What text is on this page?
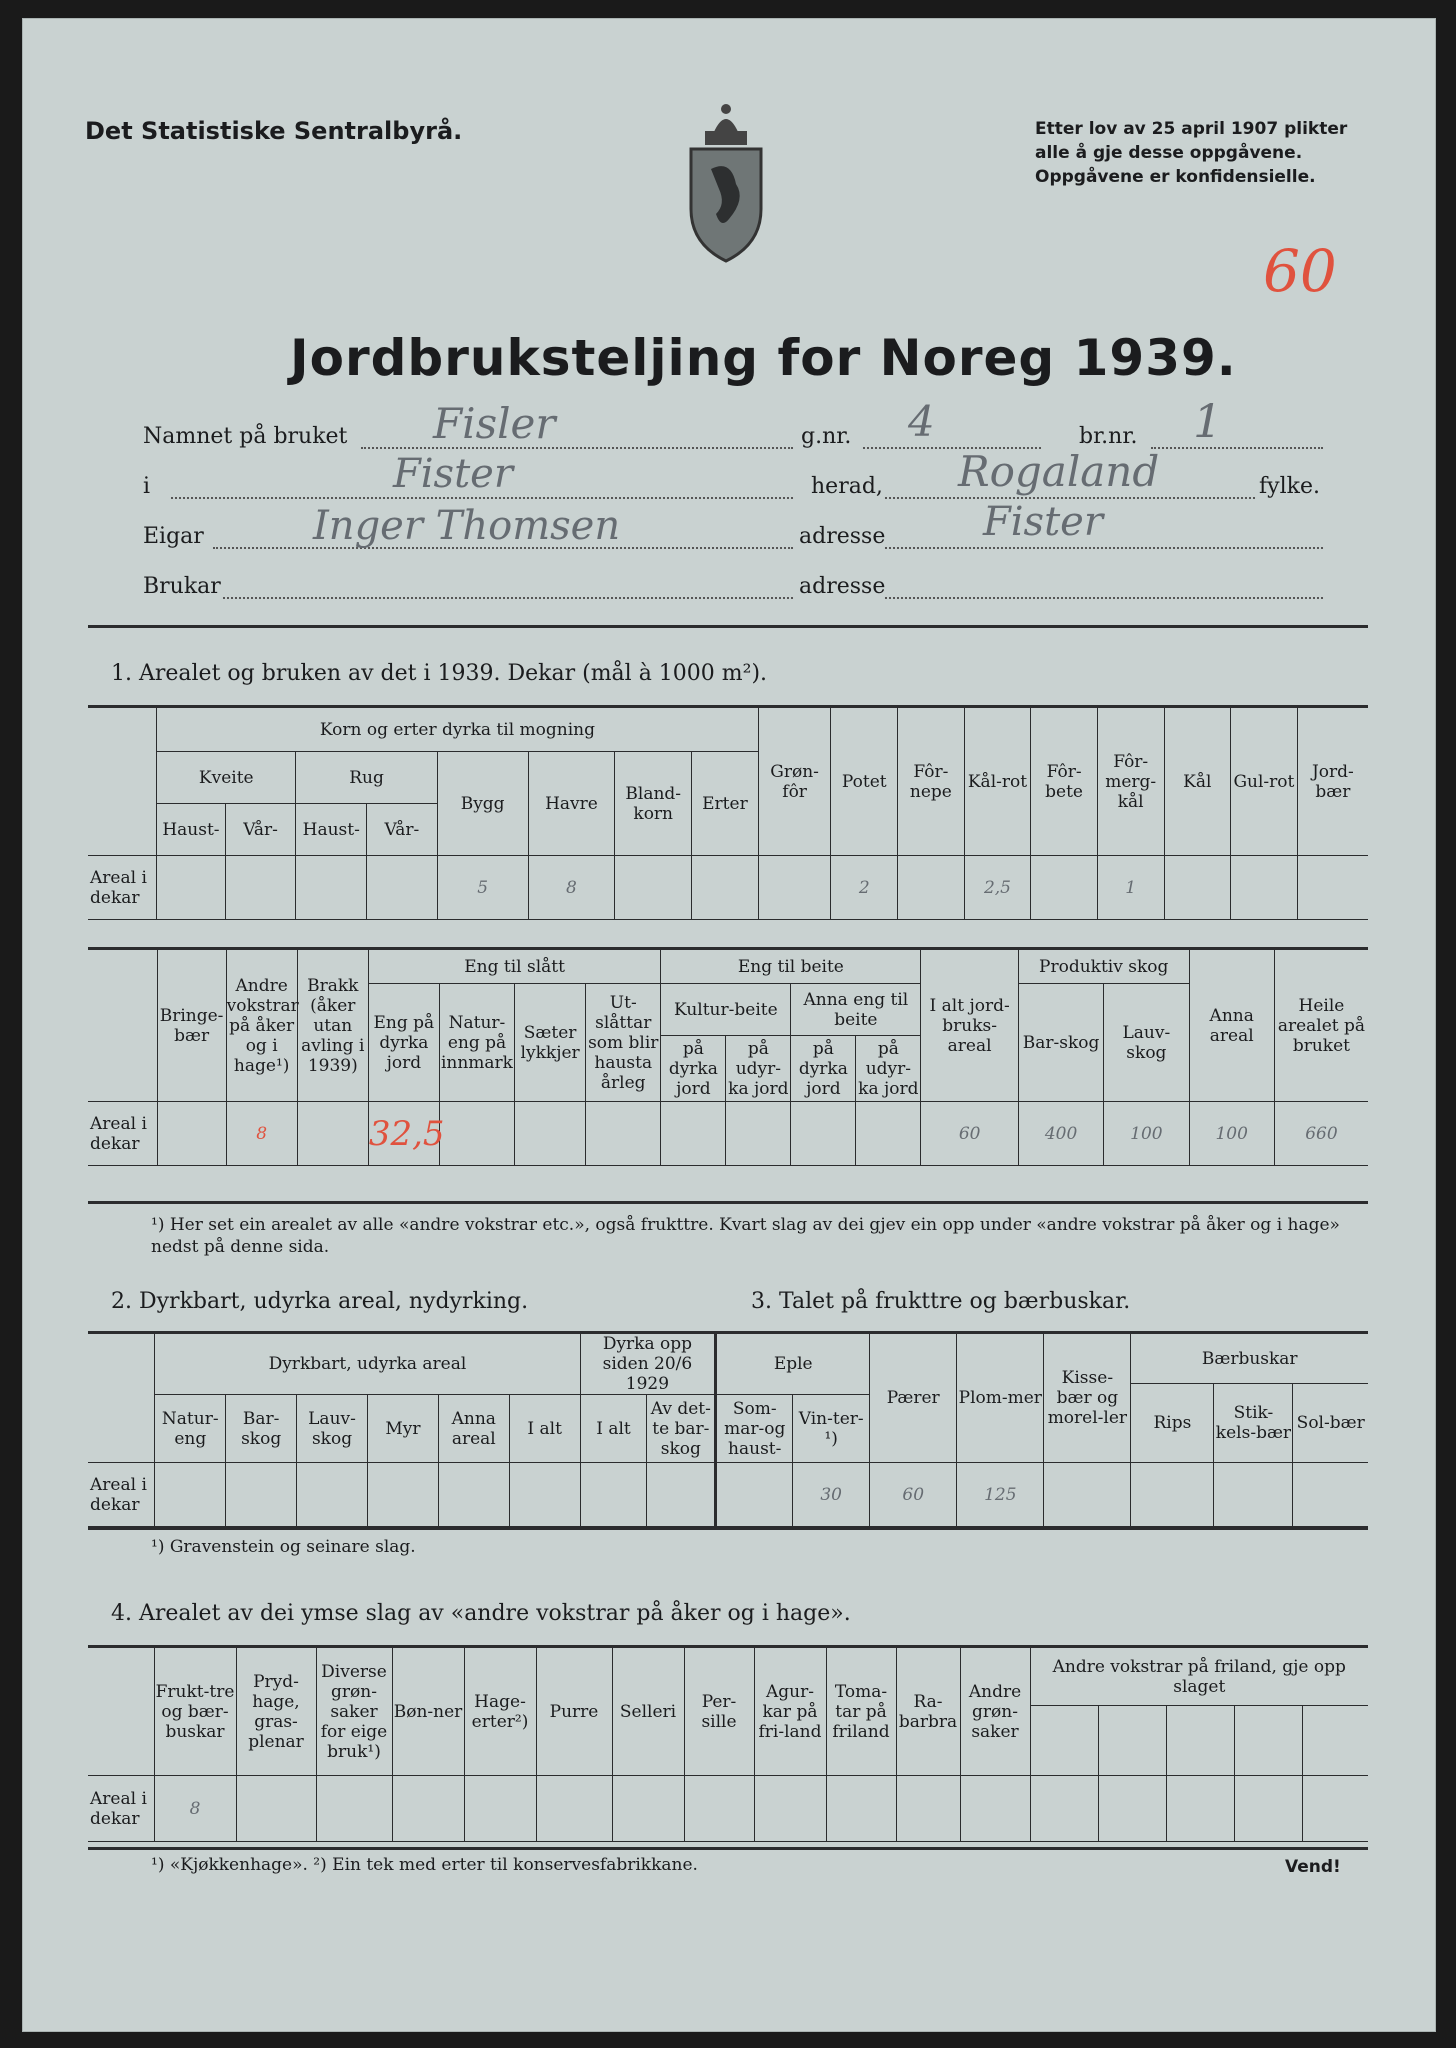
Det Statistiske Sentralbyrå.	Etter lov av 25 april 1907 plikter
alle å gje desse oppgåvene.
Oppgåvene er konfidensielle.
60
Jordbruksteljing for Noreg 1939.
Namnet på bruket Fisler	g.nr. 4	br.nr. 1
i	Fister	herad, Rogaland	fylke.
Eigar	Inger Thomsen	adresse Fister
Brukar	adresse
1. Arealet og bruken av det i 1939. Dekar (mål à 1000 m²).
	Korn og erter dyrka til mogning								Grøn-fôr	Potet	Fôr-nepe	Kål-rot	Fôr-bete	Fôr-merg-kål	Kål	Gul-rot	Jord-bær
	Kveite		Rug		Bygg	Havre	Bland-korn	Erter									
	Haust-	Vår-	Haust-	Vår-													
Areal i dekar					5	8				2		2,5		1			
	Bringe-bær	Andre vokstrar på åker og i hage¹)	Brakk (åker utan avling i 1939)	Eng til slått				Eng til beite				I alt jord-bruks-areal	Produktiv skog		Anna areal	Heile arealet på bruket
				Eng på dyrka jord	Natur-eng på innmark	Sæter lykkjer	Ut-slåttar som blir hausta årleg	Kultur-beite		Anna eng til beite			Bar-skog	Lauv-skog		
								på dyrka jord	på udyr-ka jord	på dyrka jord	på udyr-ka jord					
Areal i dekar		8		32,5								60	400	100	100	660
¹) Her set ein arealet av alle «andre vokstrar etc.», også frukttre. Kvart slag av dei gjev ein opp under «andre vokstrar på åker og i hage» nedst på denne sida.
2. Dyrkbart, udyrka areal, nydyrking.	3. Talet på frukttre og bærbuskar.
	Dyrkbart, udyrka areal						Dyrka opp siden 20/6 1929		Eple		Pærer	Plom-mer	Kisse-bær og morel-ler	Bærbuskar		
														Rips	Stik-kels-bær	Sol-bær
	Natur-eng	Bar-skog	Lauv-skog	Myr	Anna areal	I alt	I alt	Av det-te bar-skog	Som-mar-og haust-	Vin-ter-¹)						
Areal i dekar										30	60	125				
¹) Gravenstein og seinare slag.
4. Arealet av dei ymse slag av «andre vokstrar på åker og i hage».
	Frukt-tre og bær-buskar	Pryd-hage, gras-plenar	Diverse grøn-saker for eige bruk¹)	Bøn-ner	Hage-erter²)	Purre	Selleri	Per-sille	Agur-kar på fri-land	Toma-tar på friland	Ra-barbra	Andre grøn-saker	Andre vokstrar på friland, gje opp slaget				

Areal i dekar	8																
¹) «Kjøkkenhage». ²) Ein tek med erter til konservesfabrikkane.	Vend!
